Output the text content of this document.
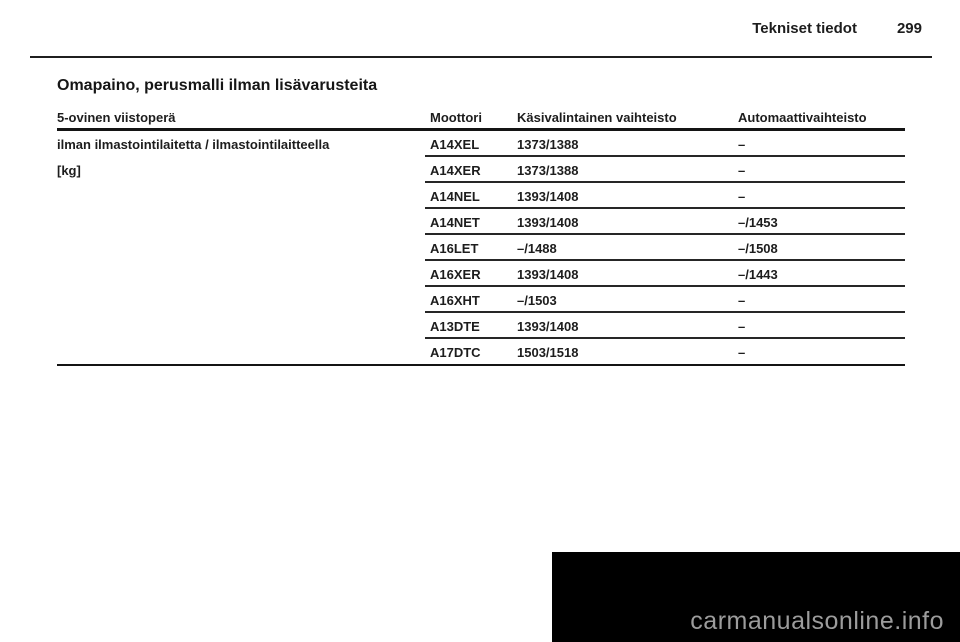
Tekniset tiedot	299
Omapaino, perusmalli ilman lisävarusteita
5-ovinen viistoperä	Moottori	Käsivalintainen vaihteisto	Automaattivaihteisto
ilman ilmastointilaitetta / ilmastointilaitteella	A14XEL	1373/1388	–
[kg]	A14XER	1373/1388	–
A14NEL	1393/1408	–
A14NET	1393/1408	–/1453
A16LET	–/1488	–/1508
A16XER	1393/1408	–/1443
A16XHT	–/1503	–
A13DTE	1393/1408	–
A17DTC	1503/1518	–
carmanualsonline.info
